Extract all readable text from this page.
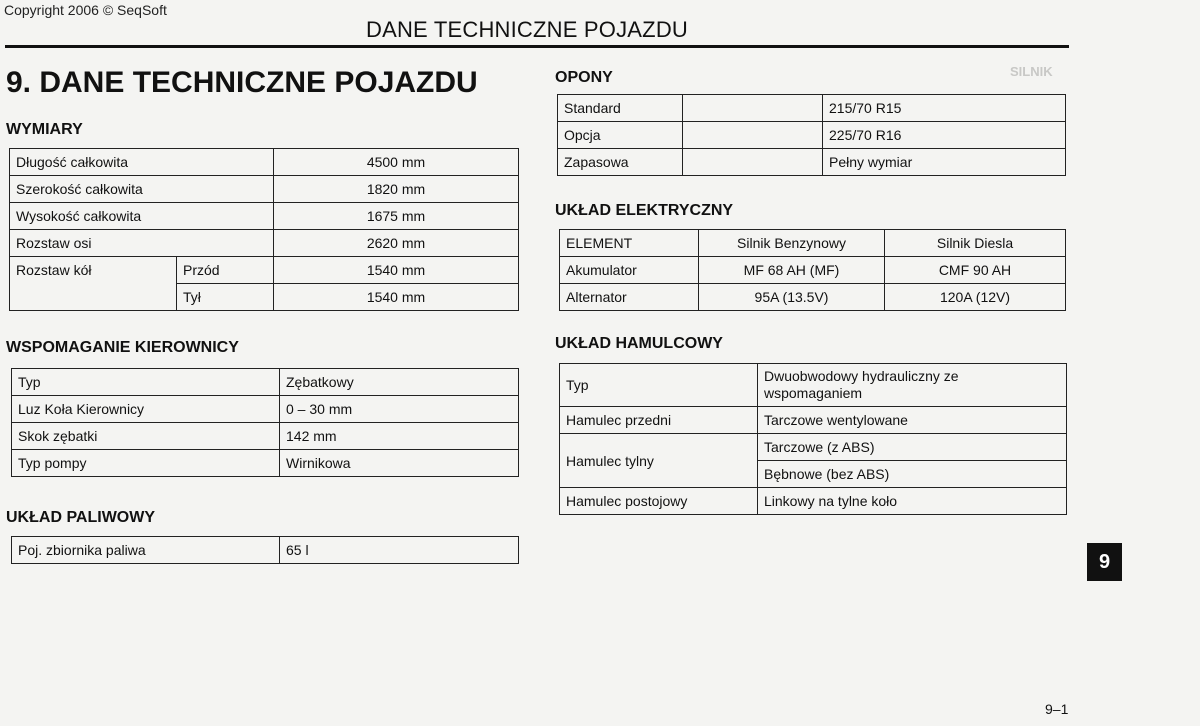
Copyright 2006 © SeqSoft
DANE TECHNICZNE POJAZDU
SILNIK
9. DANE TECHNICZNE POJAZDU
WYMIARY
Długość całkowita		4500 mm
Szerokość całkowita		1820 mm
Wysokość całkowita		1675 mm
Rozstaw osi		2620 mm
Rozstaw kół	Przód	1540 mm
	Tył	1540 mm
WSPOMAGANIE KIEROWNICY
Typ	Zębatkowy
Luz Koła Kierownicy	0 – 30 mm
Skok zębatki	142 mm
Typ pompy	Wirnikowa
UKŁAD PALIWOWY
Poj. zbiornika paliwa	65 l
OPONY
Standard		215/70 R15
Opcja		225/70 R16
Zapasowa		Pełny wymiar
UKŁAD ELEKTRYCZNY
ELEMENT	Silnik Benzynowy	Silnik Diesla
Akumulator	MF 68 AH (MF)	CMF 90 AH
Alternator	95A (13.5V)	120A (12V)
UKŁAD HAMULCOWY
Typ	Dwuobwodowy hydrauliczny ze wspomaganiem
Hamulec przedni	Tarczowe wentylowane
Hamulec tylny	Tarczowe (z ABS)
	Bębnowe (bez ABS)
Hamulec postojowy	Linkowy na tylne koło
9
9–1
